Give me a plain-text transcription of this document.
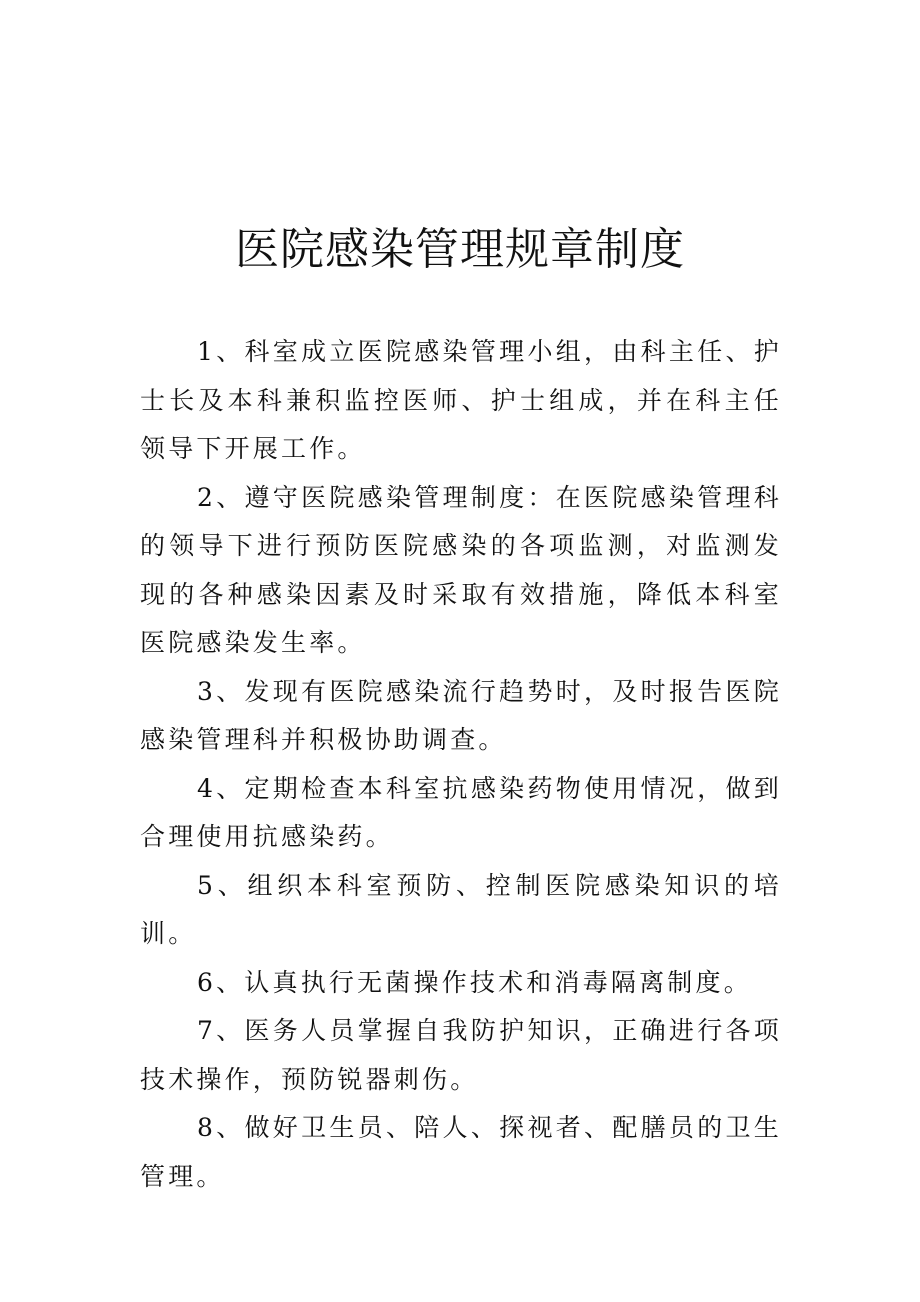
医院感染管理规章制度

1、科室成立医院感染管理小组，由科主任、护士长及本科兼积监控医师、护士组成，并在科主任领导下开展工作。

2、遵守医院感染管理制度：在医院感染管理科的领导下进行预防医院感染的各项监测，对监测发现的各种感染因素及时采取有效措施，降低本科室医院感染发生率。

3、发现有医院感染流行趋势时，及时报告医院感染管理科并积极协助调查。

4、定期检查本科室抗感染药物使用情况，做到合理使用抗感染药。

5、组织本科室预防、控制医院感染知识的培训。

6、认真执行无菌操作技术和消毒隔离制度。

7、医务人员掌握自我防护知识，正确进行各项技术操作，预防锐器刺伤。

8、做好卫生员、陪人、探视者、配膳员的卫生管理。
